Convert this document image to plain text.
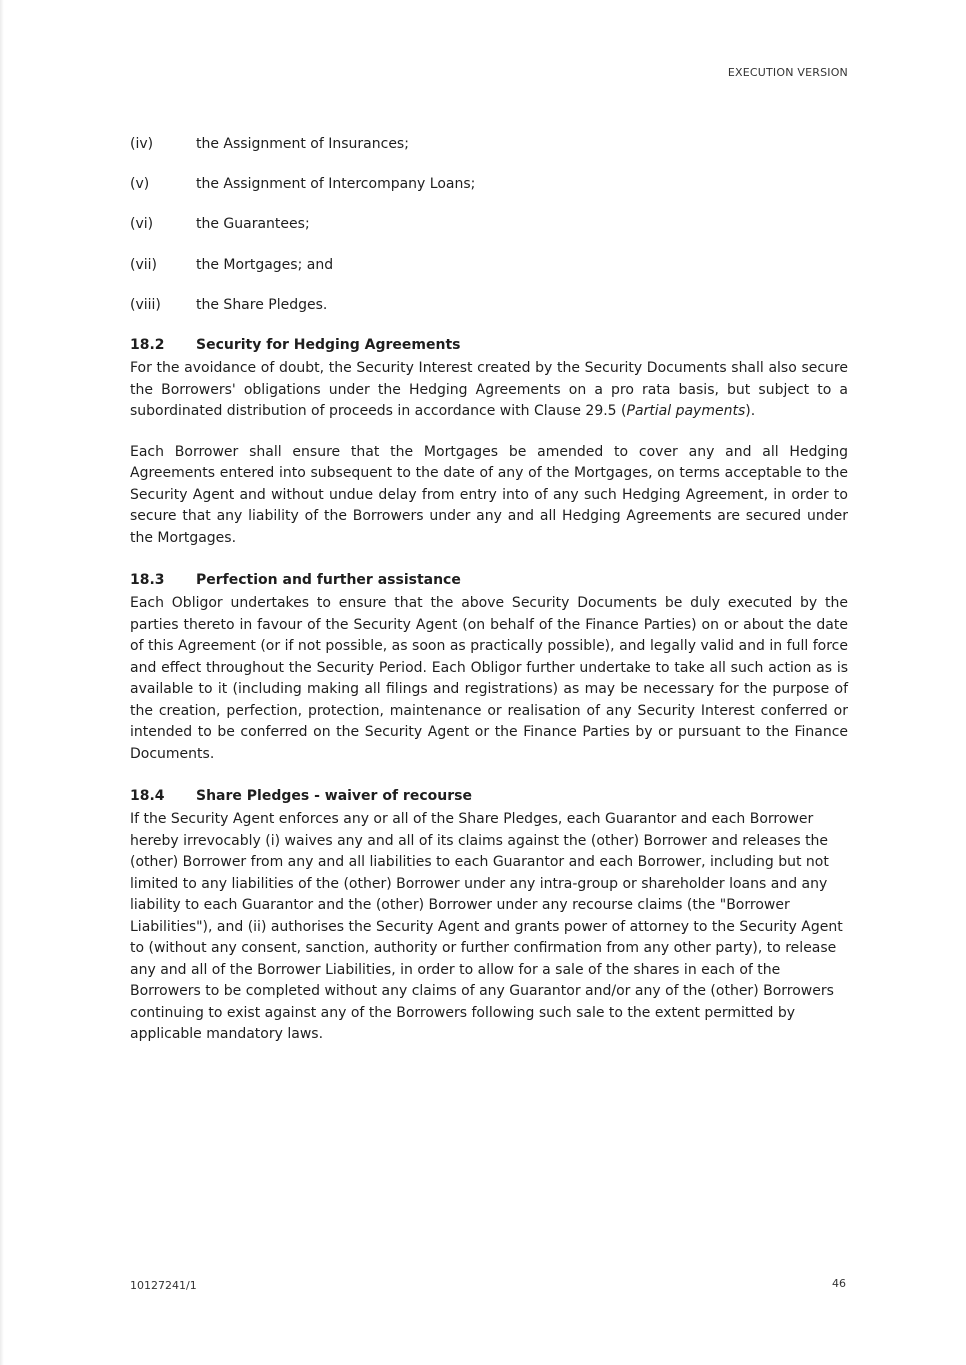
EXECUTION VERSION
(iv)	the Assignment of Insurances;
(v)	the Assignment of Intercompany Loans;
(vi)	the Guarantees;
(vii)	the Mortgages; and
(viii)	the Share Pledges.
18.2	Security for Hedging Agreements

For the avoidance of doubt, the Security Interest created by the Security Documents shall also secure the Borrowers' obligations under the Hedging Agreements on a pro rata basis, but subject to a subordinated distribution of proceeds in accordance with Clause 29.5 (Partial payments).

Each Borrower shall ensure that the Mortgages be amended to cover any and all Hedging Agreements entered into subsequent to the date of any of the Mortgages, on terms acceptable to the Security Agent and without undue delay from entry into of any such Hedging Agreement, in order to secure that any liability of the Borrowers under any and all Hedging Agreements are secured under the Mortgages.

18.3	Perfection and further assistance

Each Obligor undertakes to ensure that the above Security Documents be duly executed by the parties thereto in favour of the Security Agent (on behalf of the Finance Parties) on or about the date of this Agreement (or if not possible, as soon as practically possible), and legally valid and in full force and effect throughout the Security Period. Each Obligor further undertake to take all such action as is available to it (including making all filings and registrations) as may be necessary for the purpose of the creation, perfection, protection, maintenance or realisation of any Security Interest conferred or intended to be conferred on the Security Agent or the Finance Parties by or pursuant to the Finance Documents.

18.4	Share Pledges - waiver of recourse

If the Security Agent enforces any or all of the Share Pledges, each Guarantor and each Borrower hereby irrevocably (i) waives any and all of its claims against the (other) Borrower and releases the (other) Borrower from any and all liabilities to each Guarantor and each Borrower, including but not limited to any liabilities of the (other) Borrower under any intra-group or shareholder loans and any liability to each Guarantor and the (other) Borrower under any recourse claims (the "Borrower Liabilities"), and (ii) authorises the Security Agent and grants power of attorney to the Security Agent to (without any consent, sanction, authority or further confirmation from any other party), to release any and all of the Borrower Liabilities, in order to allow for a sale of the shares in each of the Borrowers to be completed without any claims of any Guarantor and/or any of the (other) Borrowers continuing to exist against any of the Borrowers following such sale to the extent permitted by applicable mandatory laws.

10127241/1	46
